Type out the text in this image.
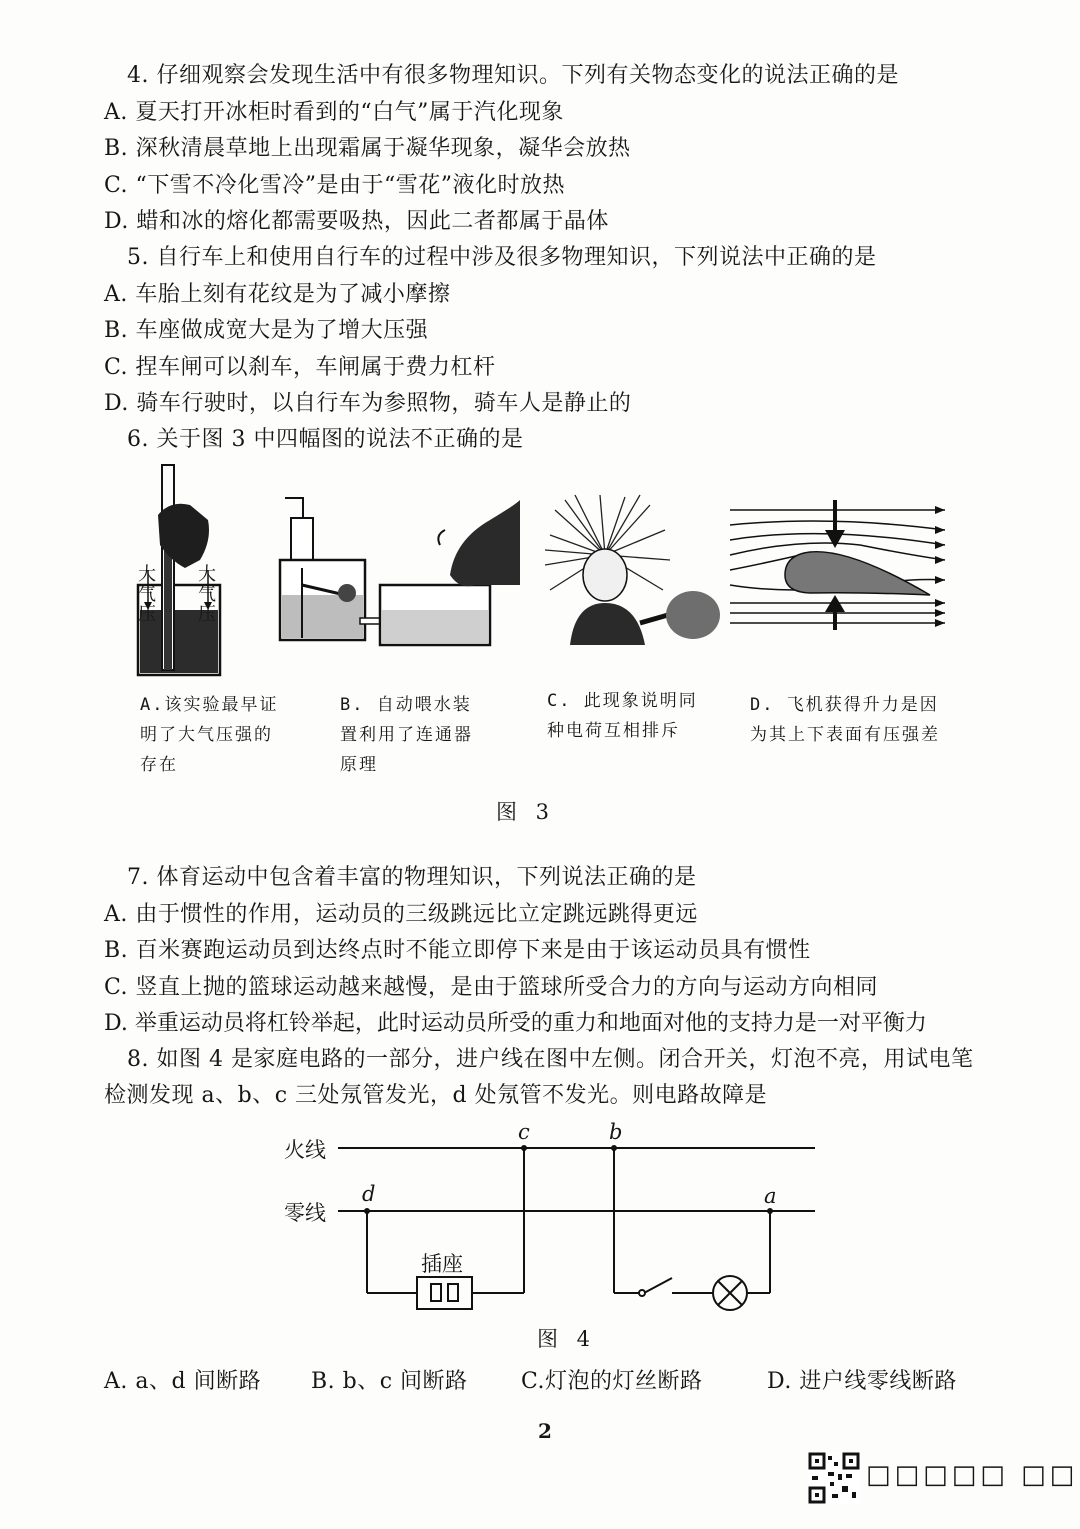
4. 仔细观察会发现生活中有很多物理知识。下列有关物态变化的说法正确的是
A. 夏天打开冰柜时看到的“白气”属于汽化现象
B. 深秋清晨草地上出现霜属于凝华现象，凝华会放热
C. “下雪不冷化雪冷”是由于“雪花”液化时放热
D. 蜡和冰的熔化都需要吸热，因此二者都属于晶体
5. 自行车上和使用自行车的过程中涉及很多物理知识，下列说法中正确的是
A. 车胎上刻有花纹是为了减小摩擦
B. 车座做成宽大是为了增大压强
C. 捏车闸可以刹车，车闸属于费力杠杆
D. 骑车行驶时，以自行车为参照物，骑车人是静止的
6. 关于图 3 中四幅图的说法不正确的是
大气压
大气压
A.该实验最早证
明了大气压强的
存在
B. 自动喂水装
置利用了连通器
原理
C. 此现象说明同
种电荷互相排斥
D. 飞机获得升力是因
为其上下表面有压强差
图 3
7. 体育运动中包含着丰富的物理知识，下列说法正确的是
A. 由于惯性的作用，运动员的三级跳远比立定跳远跳得更远
B. 百米赛跑运动员到达终点时不能立即停下来是由于该运动员具有惯性
C. 竖直上抛的篮球运动越来越慢，是由于篮球所受合力的方向与运动方向相同
D. 举重运动员将杠铃举起，此时运动员所受的重力和地面对他的支持力是一对平衡力
8. 如图 4 是家庭电路的一部分，进户线在图中左侧。闭合开关，灯泡不亮，用试电笔
检测发现 a、b、c 三处氖管发光，d 处氖管不发光。则电路故障是
火线
零线
插座
c	b
d	a
图 4
A. a、d 间断路 B. b、c 间断路 C.灯泡的灯丝断路	D. 进户线零线断路
2
□□□□□ □□
